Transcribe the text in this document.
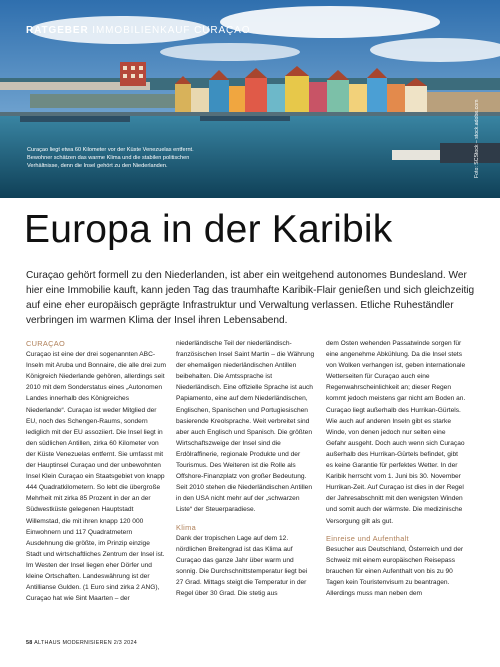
RATGEBER IMMOBILIENKAUF CURAÇAO
Curaçao liegt etwa 60 Kilometer vor der Küste Venezuelas entfernt. Bewohner schätzen das warme Klima und die stabilen politischen Verhältnisse, denn die Insel gehört zu den Niederlanden.	Foto: SCStock – stock.adobe.com
Europa in der Karibik

Curaçao gehört formell zu den Niederlanden, ist aber ein weitgehend autonomes Bundesland. Wer hier eine Immobilie kauft, kann jeden Tag das traumhafte Karibik-Flair genießen und sich gleichzeitig auf eine eher europäisch geprägte Infrastruktur und Verwaltung verlassen. Etliche Ruheständler verbringen im warmen Klima der Insel ihren Lebensabend.

CURAÇAO

Curaçao ist eine der drei sogenannten ABC-Inseln mit Aruba und Bonnaire, die alle drei zum Königreich Niederlande gehören, allerdings seit 2010 mit dem Sonderstatus eines „Autonomen Landes innerhalb des Königreiches Niederlande“. Curaçao ist weder Mitglied der EU, noch des Schengen-Raums, sondern lediglich mit der EU assoziiert. Die Insel liegt in den südlichen Antillen, zirka 60 Kilometer von der Küste Venezuelas entfernt. Sie umfasst mit der Hauptinsel Curaçao und der unbewohnten Insel Klein Curaçao ein Staatsgebiet von knapp 444 Quadratkilometern. So lebt die übergroße Mehrheit mit zirka 85 Prozent in der an der Südwestküste gelegenen Hauptstadt Willemstad, die mit ihren knapp 120 000 Einwohnern und 117 Quadratmetern Ausdehnung die größte, im Prinzip einzige Stadt und wirtschaftliches Zentrum der Insel ist. Im Westen der Insel liegen eher Dörfer und kleine Ortschaften. Landeswährung ist der Antillianse Gulden. (1 Euro sind zirka 2 ANG), Curaçao hat wie Sint Maarten – der

niederländische Teil der niederländisch-französischen Insel Saint Martin – die Währung der ehemaligen niederländischen Antillen beibehalten. Die Amtssprache ist Niederländisch. Eine offizielle Sprache ist auch Papiamento, eine auf dem Niederländischen, Englischen, Spanischen und Portugiesischen basierende Kreolsprache. Weit verbreitet sind aber auch Englisch und Spanisch. Die größten Wirtschaftszweige der Insel sind die Erdölraffinerie, regionale Produkte und der Tourismus. Des Weiteren ist die Rolle als Offshore-Finanzplatz von großer Bedeutung. Seit 2010 stehen die Niederländischen Antillen in den USA nicht mehr auf der „schwarzen Liste“ der Steuerparadiese.

Klima

Dank der tropischen Lage auf dem 12. nördlichen Breitengrad ist das Klima auf Curaçao das ganze Jahr über warm und sonnig. Die Durchschnittstemperatur liegt bei 27 Grad. Mittags steigt die Temperatur in der Regel über 30 Grad. Die stetig aus

dem Osten wehenden Passatwinde sorgen für eine angenehme Abkühlung. Da die Insel stets von Wolken verhangen ist, geben internationale Wetterseiten für Curaçao auch eine Regenwahrscheinlichkeit an; dieser Regen kommt jedoch meistens gar nicht am Boden an. Curaçao liegt außerhalb des Hurrikan-Gürtels. Wie auch auf anderen Inseln gibt es starke Winde, von denen jedoch nur selten eine Gefahr ausgeht. Doch auch wenn sich Curaçao außerhalb des Hurrikan-Gürtels befindet, gibt es keine Garantie für perfektes Wetter. In der Karibik herrscht vom 1. Juni bis 30. November Hurrikan-Zeit. Auf Curaçao ist dies in der Regel der Jahresabschnitt mit den wenigsten Winden und somit auch der wärmste. Die medizinische Versorgung gilt als gut.

Einreise und Aufenthalt

Besucher aus Deutschland, Österreich und der Schweiz mit einem europäischen Reisepass brauchen für einen Aufenthalt von bis zu 90 Tagen kein Touristenvisum zu beantragen. Allerdings muss man neben dem

58 ALTHAUS MODERNISIEREN 2/3 2024
